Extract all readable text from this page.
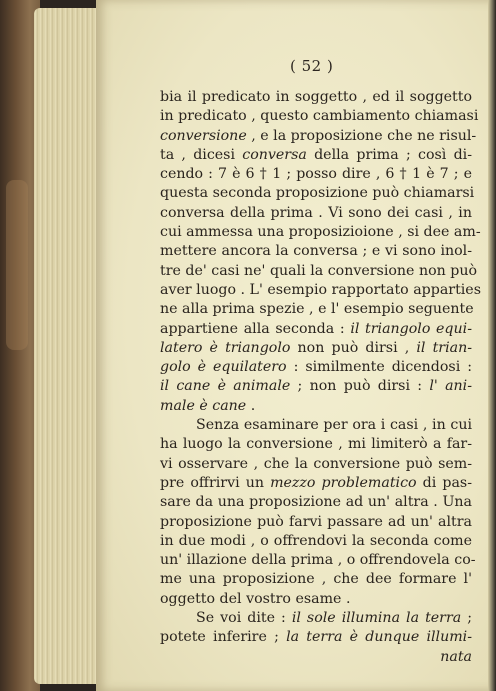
( 52 )
bia il predicato in soggetto , ed il soggetto
in predicato , questo cambiamento chiamasi
conversione , e la proposizione che ne risul-
ta , dicesi conversa della prima ; così di-
cendo : 7 è 6 † 1 ; posso dire , 6 † 1 è 7 ; e
questa seconda proposizione può chiamarsi
conversa della prima . Vi sono dei casi , in
cui ammessa una proposizioione , si dee am-
mettere ancora la conversa ; e vi sono inol-
tre de' casi ne' quali la conversione non può
aver luogo . L' esempio rapportato apparties
ne alla prima spezie , e l' esempio seguente
appartiene alla seconda : il triangolo equi-
latero è triangolo non può dirsi , il trian-
golo è equilatero : similmente dicendosi :
il cane è animale ; non può dirsi : l' ani-
male è cane .
Senza esaminare per ora i casi , in cui
ha luogo la conversione , mi limiterò a far-
vi osservare , che la conversione può sem-
pre offrirvi un mezzo problematico di pas-
sare da una proposizione ad un' altra . Una
proposizione può farvi passare ad un' altra
in due modi , o offrendovi la seconda come
un' illazione della prima , o offrendovela co-
me una proposizione , che dee formare l'
oggetto del vostro esame .
Se voi dite : il sole illumina la terra ;
potete inferire ; la terra è dunque illumi-
nata
